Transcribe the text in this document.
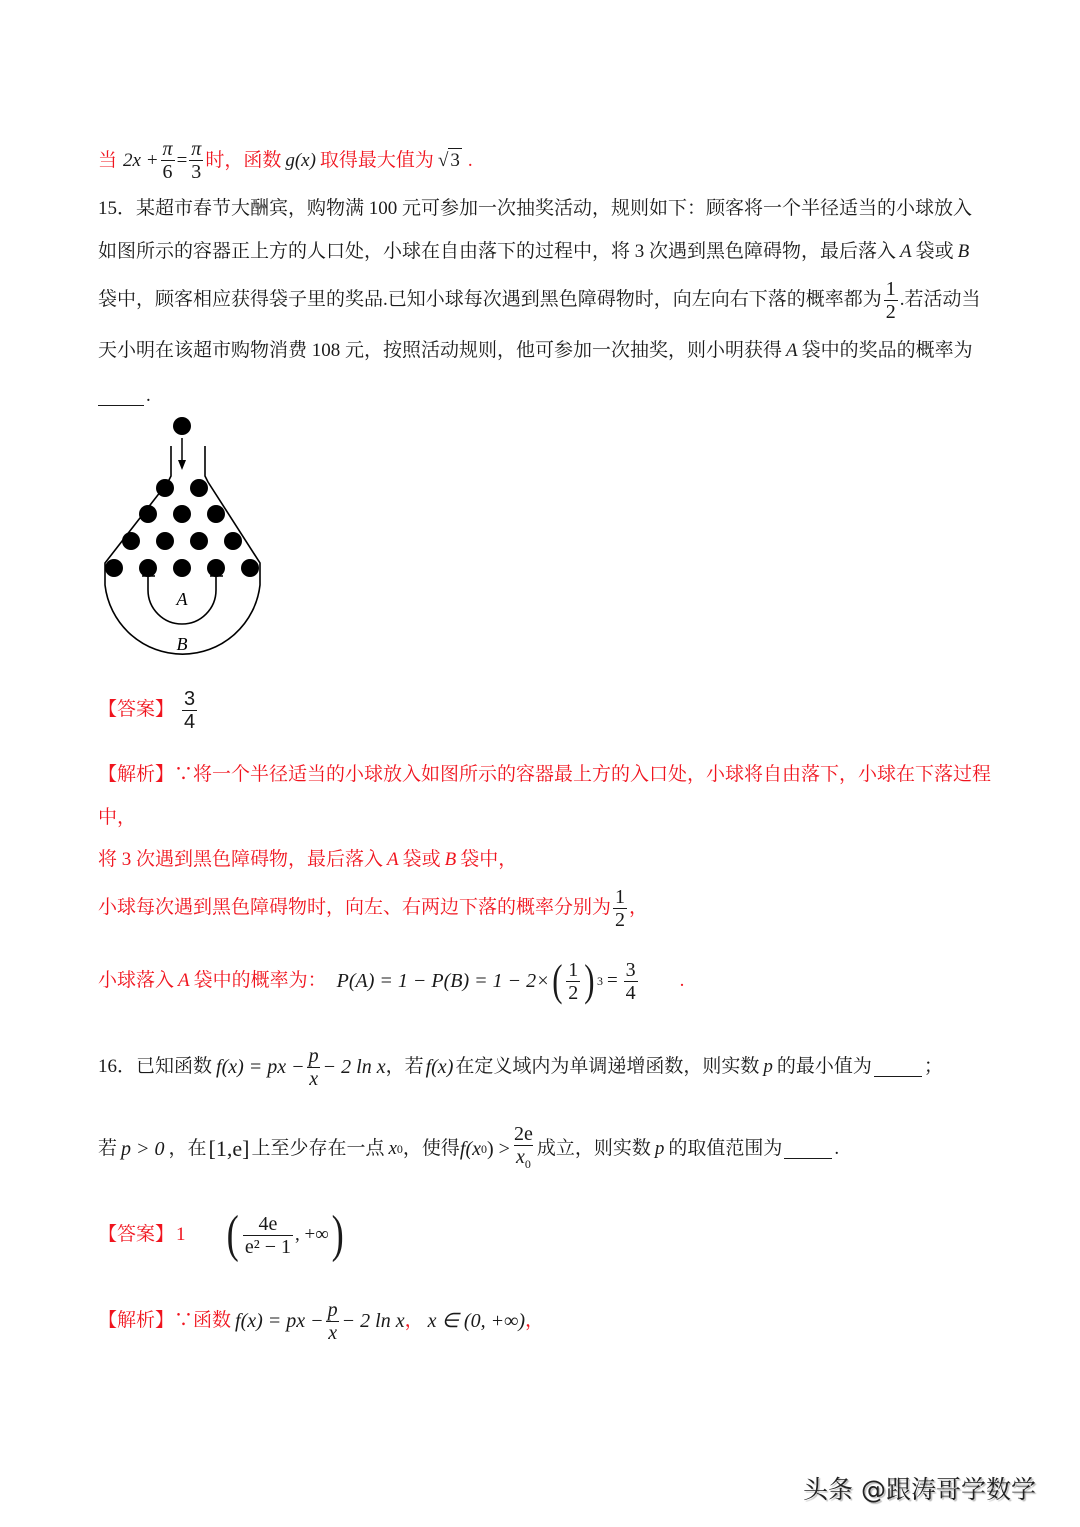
当 $2x + \frac{\pi}{6} = \frac{\pi}{3}$ 时，函数 g(x) 取得最大值为 √ 3 .
15．某超市春节大酬宾，购物满 100 元可参加一次抽奖活动，规则如下：顾客将一个半径适当的小球放入
如图所示的容器正上方的人口处，小球在自由落下的过程中，将 3 次遇到黑色障碍物，最后落入 A 袋或 B
袋中，顾客相应获得袋子里的奖品.已知小球每次遇到黑色障碍物时，向左向右下落的概率都为 $\frac{1}{2}$ .若活动当
天小明在该超市购物消费 108 元，按照活动规则，他可参加一次抽奖，则小明获得 A 袋中的奖品的概率为
.
A
B
【答案】 $\frac{3}{4}$
【解析】 ∵将一个半径适当的小球放入如图所示的容器最上方的入口处，小球将自由落下，小球在下落过程
中，
将 3 次遇到黑色障碍物，最后落入 A 袋或 B 袋中，
小球每次遇到黑色障碍物时，向左、右两边下落的概率分别为 $\frac{1}{2}$ ，
小球落入 A 袋中的概率为： P(A) = 1 − P(B) = 1 − 2× ( $\frac{1}{2}$ ) $3 = \frac{3}{4}$ .
16．已知函数 f(x) = px − $\frac{p}{x} - 2$ ln x ，若 f(x) 在定义域内为单调递增函数，则实数 p 的最小值为	；
若 p > 0 ，在 [1,e] 上至少存在一点 x 0 ，使得 f(x 0 ) > $\frac{2e}{x_0}$ 成立，则实数 p 的取值范围为	.
【答案】 1 ( $\frac{4e}{\text{e² − 1}}$ , +∞ )
【解析】 ∵函数 f(x) = px − $\frac{p}{x} - 2$ ln x ， x ∈ (0, +∞) ，
头条 @跟涛哥学数学
